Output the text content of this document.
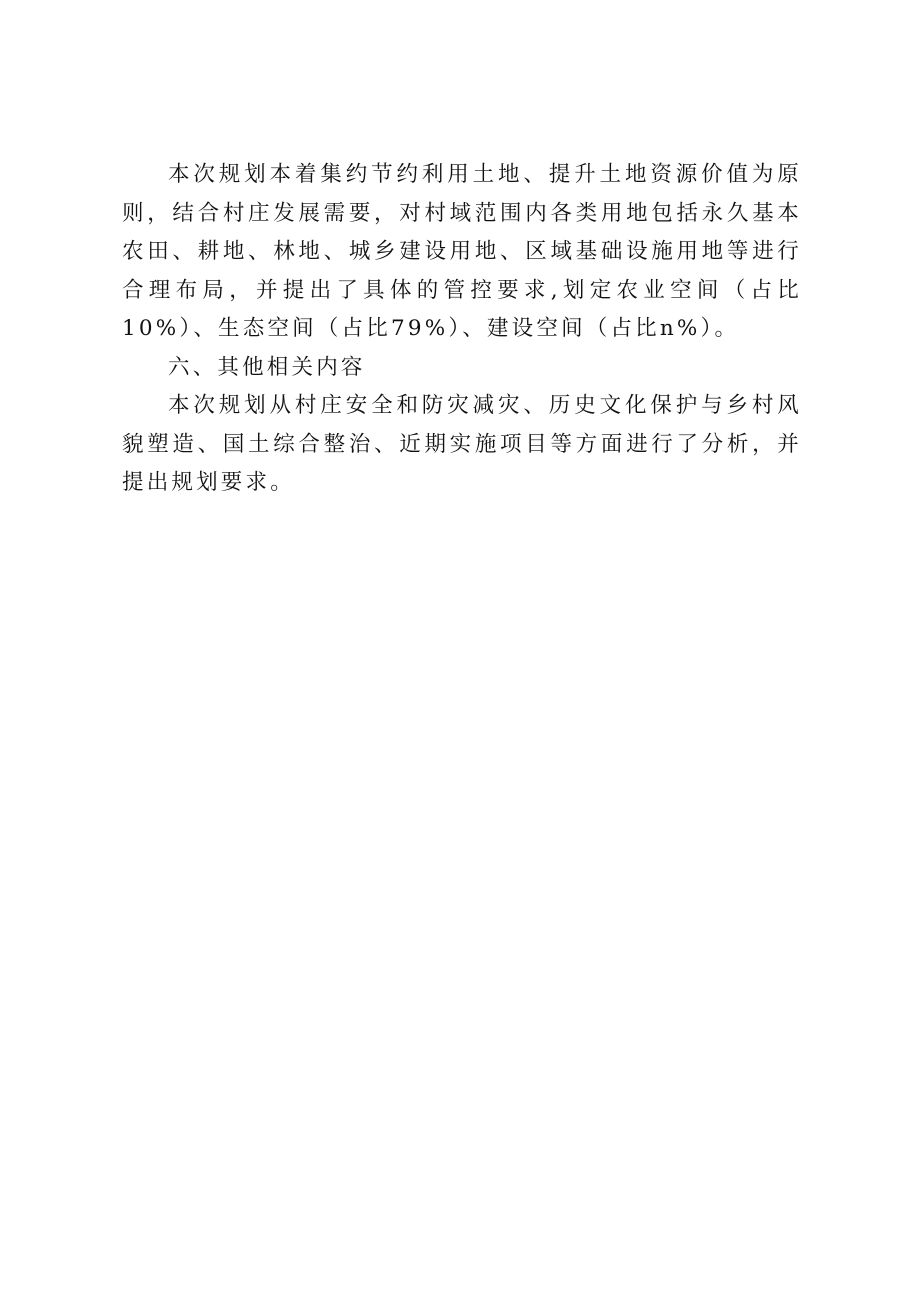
本次规划本着集约节约利用土地、提升土地资源价值为原则，结合村庄发展需要，对村域范围内各类用地包括永久基本农田、耕地、林地、城乡建设用地、区域基础设施用地等进行合理布局，并提出了具体的管控要求,划定农业空间（占比10%）、生态空间（占比79%）、建设空间（占比n%）。

六、其他相关内容

本次规划从村庄安全和防灾减灾、历史文化保护与乡村风貌塑造、国土综合整治、近期实施项目等方面进行了分析，并提出规划要求。
